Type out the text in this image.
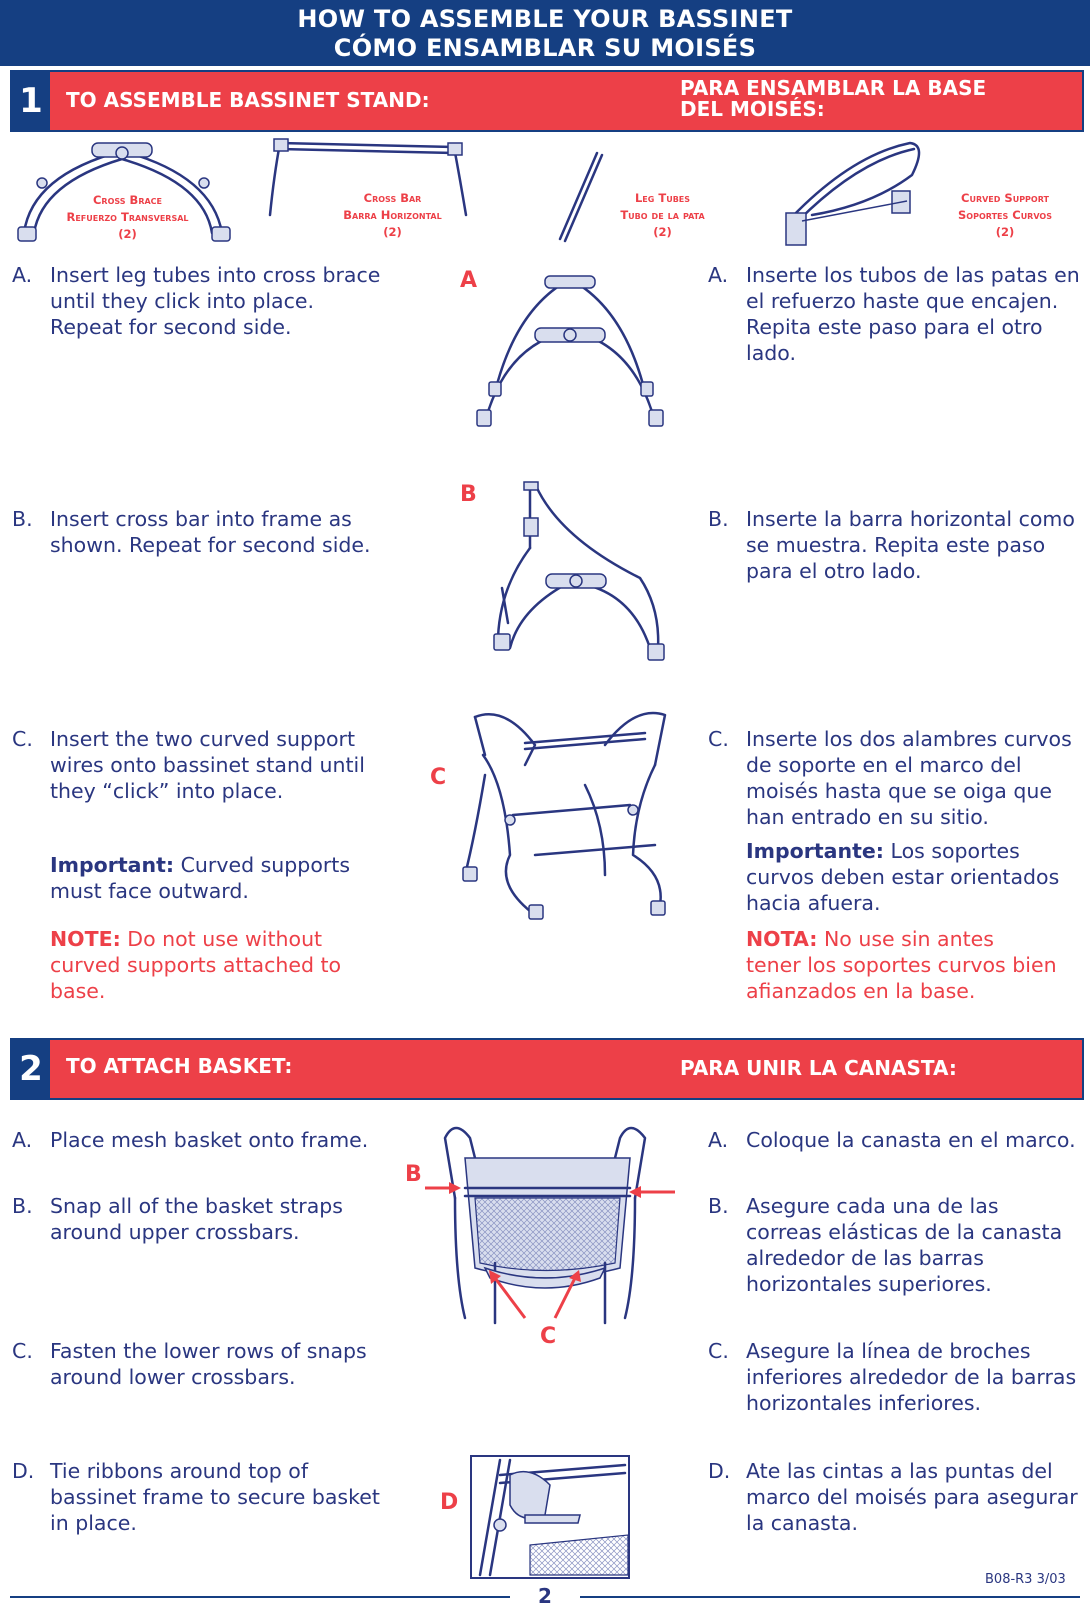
HOW TO ASSEMBLE YOUR BASSINET
CÓMO ENSAMBLAR SU MOISÉS
1	TO ASSEMBLE BASSINET STAND:	PARA ENSAMBLAR LA BASE
DEL MOISÉS:
Cross Brace
Refuerzo Transversal
(2)
Cross Bar
Barra Horizontal
(2)
Leg Tubes
Tubo de la pata
(2)
Curved Support
Soportes Curvos
(2)
A. Insert leg tubes into cross brace
until they click into place.
Repeat for second side.
B. Insert cross bar into frame as
shown. Repeat for second side.
C. Insert the two curved support
wires onto bassinet stand until
they “click” into place.
Important: Curved supports
must face outward.
NOTE: Do not use without
curved supports attached to
base.
A. Inserte los tubos de las patas en
el refuerzo haste que encajen.
Repita este paso para el otro
lado.
B. Inserte la barra horizontal como
se muestra. Repita este paso
para el otro lado.
C. Inserte los dos alambres curvos
de soporte en el marco del
moisés hasta que se oiga que
han entrado en su sitio.
Importante: Los soportes
curvos deben estar orientados
hacia afuera.
NOTA: No use sin antes
tener los soportes curvos bien
afianzados en la base.
A
B
C
2	TO ATTACH BASKET:	PARA UNIR LA CANASTA:
A. Place mesh basket onto frame.
B. Snap all of the basket straps
around upper crossbars.
C. Fasten the lower rows of snaps
around lower crossbars.
D. Tie ribbons around top of
bassinet frame to secure basket
in place.
A. Coloque la canasta en el marco.
B. Asegure cada una de las
correas elásticas de la canasta
alrededor de las barras
horizontales superiores.
C. Asegure la línea de broches
inferiores alrededor de la barras
horizontales inferiores.
D. Ate las cintas a las puntas del
marco del moisés para asegurar
la canasta.
B
C
D
2
B08-R3 3/03
